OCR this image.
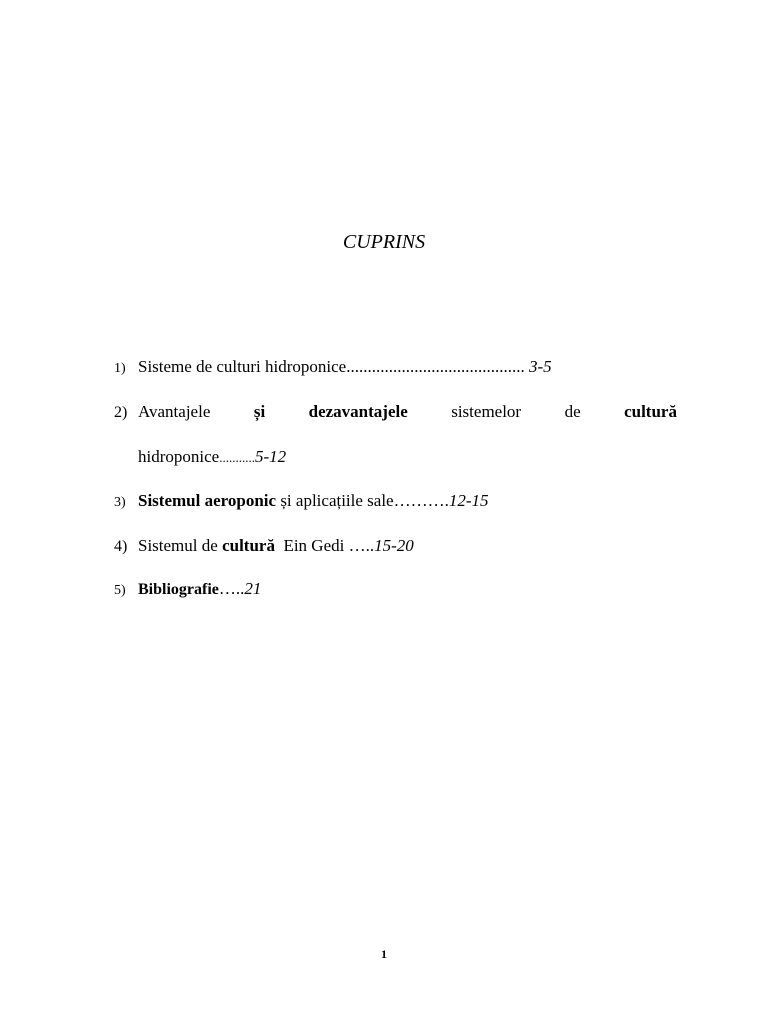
CUPRINS
1) Sisteme de culturi hidroponice.......................................... 3-5
2) Avantajele	și	dezavantajele	sistemelor	de	cultură
hidroponice...........5-12
3) Sistemul aeroponic și aplicațiile sale……….12-15
4) Sistemul de cultură  Ein Gedi …..15-20
5) Bibliografie…..21
1
